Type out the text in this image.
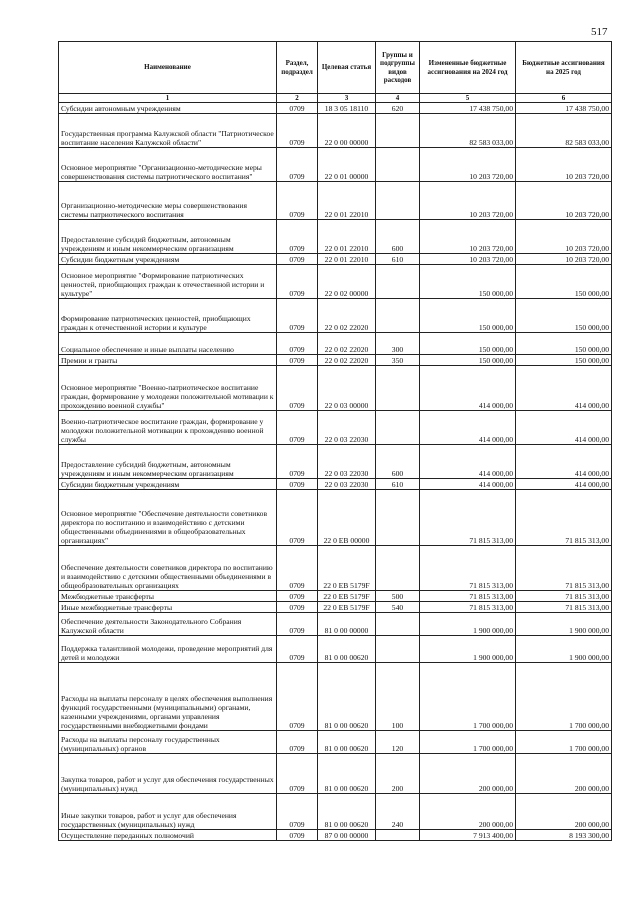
517
Наименование	Раздел, подраздел	Целевая статья	Группы и подгруппы видов расходов	Измененные бюджетные ассигнования на 2024 год	Бюджетные ассигнования на 2025 год
1	2	3	4	5	6
Субсидии автономным учреждениям	0709	18 3 05 18110	620	17 438 750,00	17 438 750,00
Государственная программа Калужской области "Патриотическое воспитание населения Калужской области"	0709	22 0 00 00000		82 583 033,00	82 583 033,00
Основное мероприятие "Организационно-методические меры совершенствования системы патриотического воспитания"	0709	22 0 01 00000		10 203 720,00	10 203 720,00
Организационно-методические меры совершенствования системы патриотического воспитания	0709	22 0 01 22010		10 203 720,00	10 203 720,00
Предоставление субсидий бюджетным, автономным учреждениям и иным некоммерческим организациям	0709	22 0 01 22010	600	10 203 720,00	10 203 720,00
Субсидии бюджетным учреждениям	0709	22 0 01 22010	610	10 203 720,00	10 203 720,00
Основное мероприятие "Формирование патриотических ценностей, приобщающих граждан к отечественной истории и культуре"	0709	22 0 02 00000		150 000,00	150 000,00
Формирование патриотических ценностей, приобщающих граждан к отечественной истории и культуре	0709	22 0 02 22020		150 000,00	150 000,00
Социальное обеспечение и иные выплаты населению	0709	22 0 02 22020	300	150 000,00	150 000,00
Премии и гранты	0709	22 0 02 22020	350	150 000,00	150 000,00
Основное мероприятие "Военно-патриотическое воспитание граждан, формирование у молодежи положительной мотивации к прохождению военной службы"	0709	22 0 03 00000		414 000,00	414 000,00
Военно-патриотическое воспитание граждан, формирование у молодежи положительной мотивации к прохождению военной службы	0709	22 0 03 22030		414 000,00	414 000,00
Предоставление субсидий бюджетным, автономным учреждениям и иным некоммерческим организациям	0709	22 0 03 22030	600	414 000,00	414 000,00
Субсидии бюджетным учреждениям	0709	22 0 03 22030	610	414 000,00	414 000,00
Основное мероприятие "Обеспечение деятельности советников директора по воспитанию и взаимодействию с детскими общественными объединениями в общеобразовательных организациях"	0709	22 0 EB 00000		71 815 313,00	71 815 313,00
Обеспечение деятельности советников директора по воспитанию и взаимодействию с детскими общественными объединениями в общеобразовательных организациях	0709	22 0 EB 5179F		71 815 313,00	71 815 313,00
Межбюджетные трансферты	0709	22 0 EB 5179F	500	71 815 313,00	71 815 313,00
Иные межбюджетные трансферты	0709	22 0 EB 5179F	540	71 815 313,00	71 815 313,00
Обеспечение деятельности Законодательного Собрания Калужской области	0709	81 0 00 00000		1 900 000,00	1 900 000,00
Поддержка талантливой молодежи, проведение мероприятий для детей и молодежи	0709	81 0 00 00620		1 900 000,00	1 900 000,00
Расходы на выплаты персоналу в целях обеспечения выполнения функций государственными (муниципальными) органами, казенными учреждениями, органами управления государственными внебюджетными фондами	0709	81 0 00 00620	100	1 700 000,00	1 700 000,00
Расходы на выплаты персоналу государственных (муниципальных) органов	0709	81 0 00 00620	120	1 700 000,00	1 700 000,00
Закупка товаров, работ и услуг для обеспечения государственных (муниципальных) нужд	0709	81 0 00 00620	200	200 000,00	200 000,00
Иные закупки товаров, работ и услуг для обеспечения государственных (муниципальных) нужд	0709	81 0 00 00620	240	200 000,00	200 000,00
Осуществление переданных полномочий	0709	87 0 00 00000		7 913 400,00	8 193 300,00
